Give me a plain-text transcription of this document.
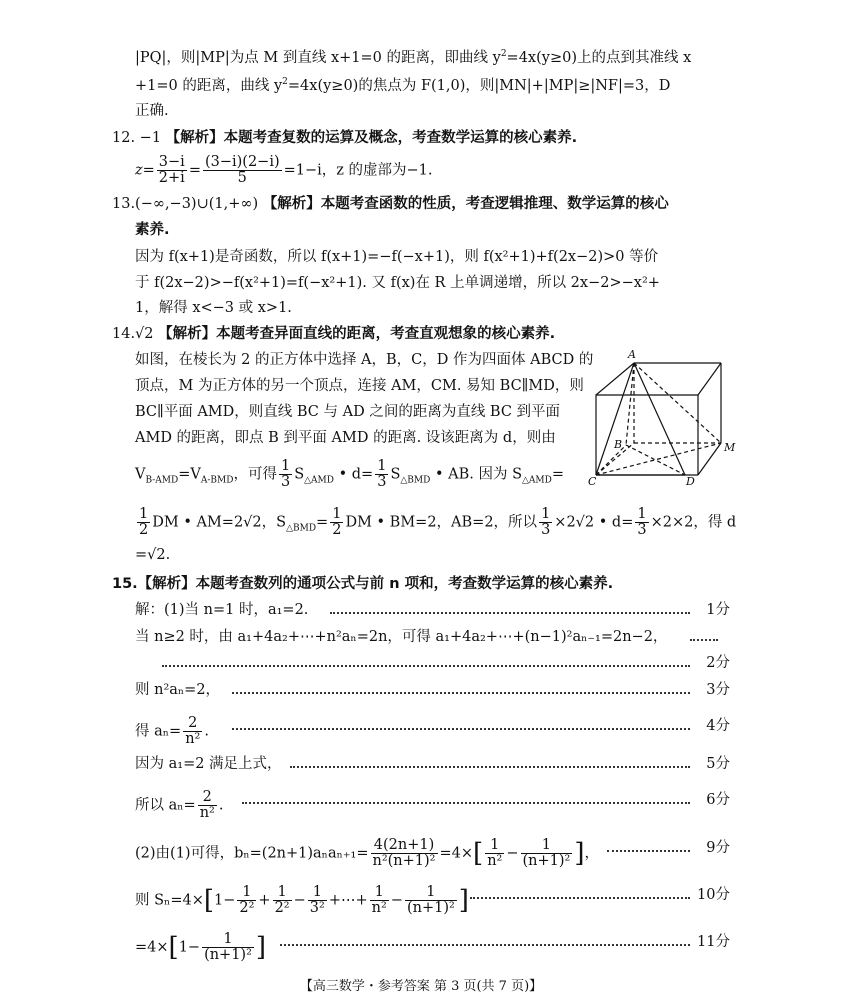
|PQ|，则|MP|为点 M 到直线 x+1=0 的距离，即曲线 $y^2=4x(y\ge 0)$上的点到其准线 x
+1=0 的距离，曲线 $y^2=4x(y\ge 0)$的焦点为 F(1,0)，则|MN|+|MP|≥|NF|=3，D
正确.
12. −1 【解析】本题考查复数的运算及概念，考查数学运算的核心素养.
$z= \frac{3-i}{2+i} = \frac{(3-i)(2-i)}{5} =1-i$，z 的虚部为−1.
13.(−∞,−3)∪(1,+∞) 【解析】本题考查函数的性质，考查逻辑推理、数学运算的核心
素养.
因为 f(x+1)是奇函数，所以 f(x+1)=−f(−x+1)，则 f(x²+1)+f(2x−2)>0 等价
于 f(2x−2)>−f(x²+1)=f(−x²+1). 又 f(x)在 R 上单调递增，所以 2x−2>−x²+
1，解得 x<−3 或 x>1.
14.√2 【解析】本题考查异面直线的距离，考查直观想象的核心素养.
如图，在棱长为 2 的正方体中选择 A，B，C，D 作为四面体 ABCD 的
顶点，M 为正方体的另一个顶点，连接 AM，CM. 易知 BC∥MD，则
BC∥平面 AMD，则直线 BC 与 AD 之间的距离为直线 BC 到平面
AMD 的距离，即点 B 到平面 AMD 的距离. 设该距离为 d，则由
$V_{B-AMD}=V_{A-BMD}$，可得 $\frac{1}{3} S_{\triangle AMD}$ • $d= \frac{1}{3} S_{\triangle BMD}$ • AB. 因为 $S_{\triangle AMD}=$
$\frac{1}{2}$ DM • AM=2√2，$S_{\triangle BMD}= \frac{1}{2}$ DM • BM=2，AB=2，所以 $\frac{1}{3} \times 2√2$ • $d= \frac{1}{3} \times 2\times 2$，得 d
=√2.
A
B
C	D
M
15.【解析】本题考查数列的通项公式与前 n 项和，考查数学运算的核心素养.
解：(1)当 n=1 时，a₁=2.	1分
当 n≥2 时，由 a₁+4a₂+⋯+n²aₙ=2n，可得 a₁+4a₂+⋯+(n−1)²aₙ₋₁=2n−2，
2分
则 n²aₙ=2，	3分
得 $a_n= \frac{2}{\text{n²}}$ .	4分
因为 a₁=2 满足上式，	5分
所以 $a_n= \frac{2}{\text{n²}}$ .	6分
(2)由(1)可得，$b_n=(2n+1)a_na_{n+1}= \frac{4(2n+1)}{\text{n²(n+1)²}} =4\times[ \frac{1}{\text{n²}} - \frac{1}{\text{(n+1)²}}$ ]，	9分
则 $S_n=4\times[1- \frac{1}{\text{2²}} + \frac{1}{\text{2²}} - \frac{1}{\text{3²}}$ +⋯+ $\frac{1}{\text{n²}} - \frac{1}{\text{(n+1)²}}$ ]	10分
$=4\times[1- \frac{1}{\text{(n+1)²}}$ ]	11分
【高三数学・参考答案 第 3 页(共 7 页)】
